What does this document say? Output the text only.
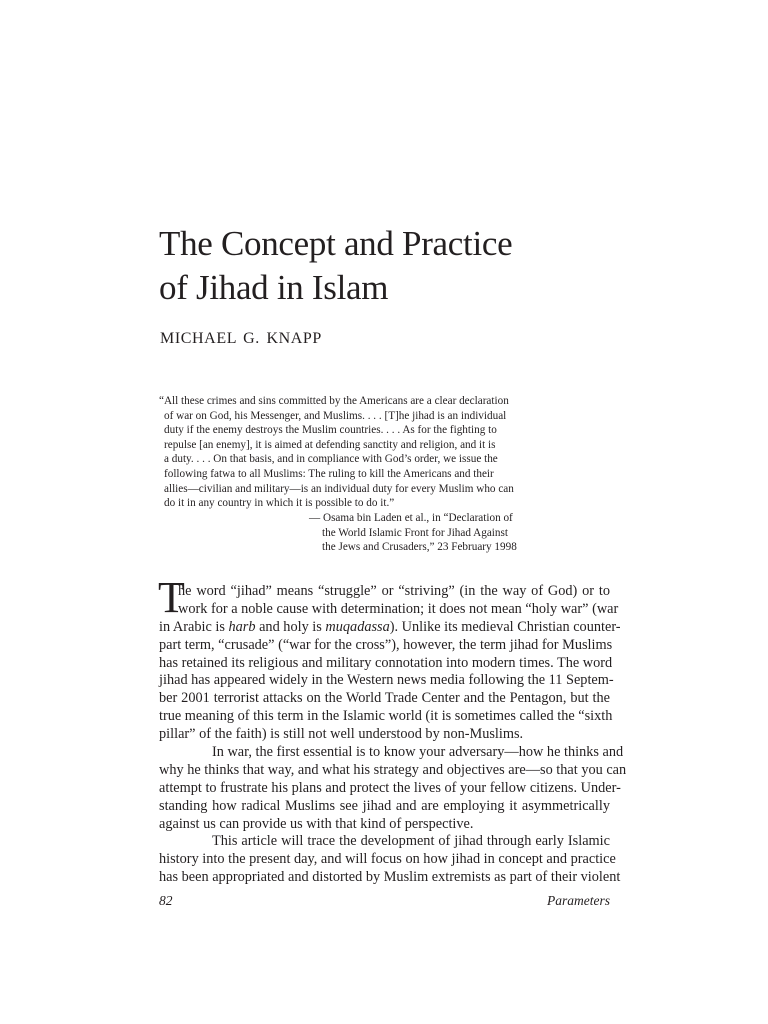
The Concept and Practice
of Jihad in Islam

MICHAEL G. KNAPP

“All these crimes and sins committed by the Americans are a clear declaration
of war on God, his Messenger, and Muslims. . . . [T]he jihad is an individual
duty if the enemy destroys the Muslim countries. . . . As for the fighting to
repulse [an enemy], it is aimed at defending sanctity and religion, and it is
a duty. . . . On that basis, and in compliance with God’s order, we issue the
following fatwa to all Muslims: The ruling to kill the Americans and their
allies—civilian and military—is an individual duty for every Muslim who can
do it in any country in which it is possible to do it.”

— Osama bin Laden et al., in “Declaration of
the World Islamic Front for Jihad Against
the Jews and Crusaders,” 23 February 1998

T
he word “jihad” means “struggle” or “striving” (in the way of God) or to
work for a noble cause with determination; it does not mean “holy war” (war
in Arabic is harb and holy is muqadassa). Unlike its medieval Christian counter-
part term, “crusade” (“war for the cross”), however, the term jihad for Muslims
has retained its religious and military connotation into modern times. The word
jihad has appeared widely in the Western news media following the 11 Septem-
ber 2001 terrorist attacks on the World Trade Center and the Pentagon, but the
true meaning of this term in the Islamic world (it is sometimes called the “sixth
pillar” of the faith) is still not well understood by non-Muslims.
In war, the first essential is to know your adversary—how he thinks and
why he thinks that way, and what his strategy and objectives are—so that you can
attempt to frustrate his plans and protect the lives of your fellow citizens. Under-
standing how radical Muslims see jihad and are employing it asymmetrically
against us can provide us with that kind of perspective.
This article will trace the development of jihad through early Islamic
history into the present day, and will focus on how jihad in concept and practice
has been appropriated and distorted by Muslim extremists as part of their violent

82	Parameters
